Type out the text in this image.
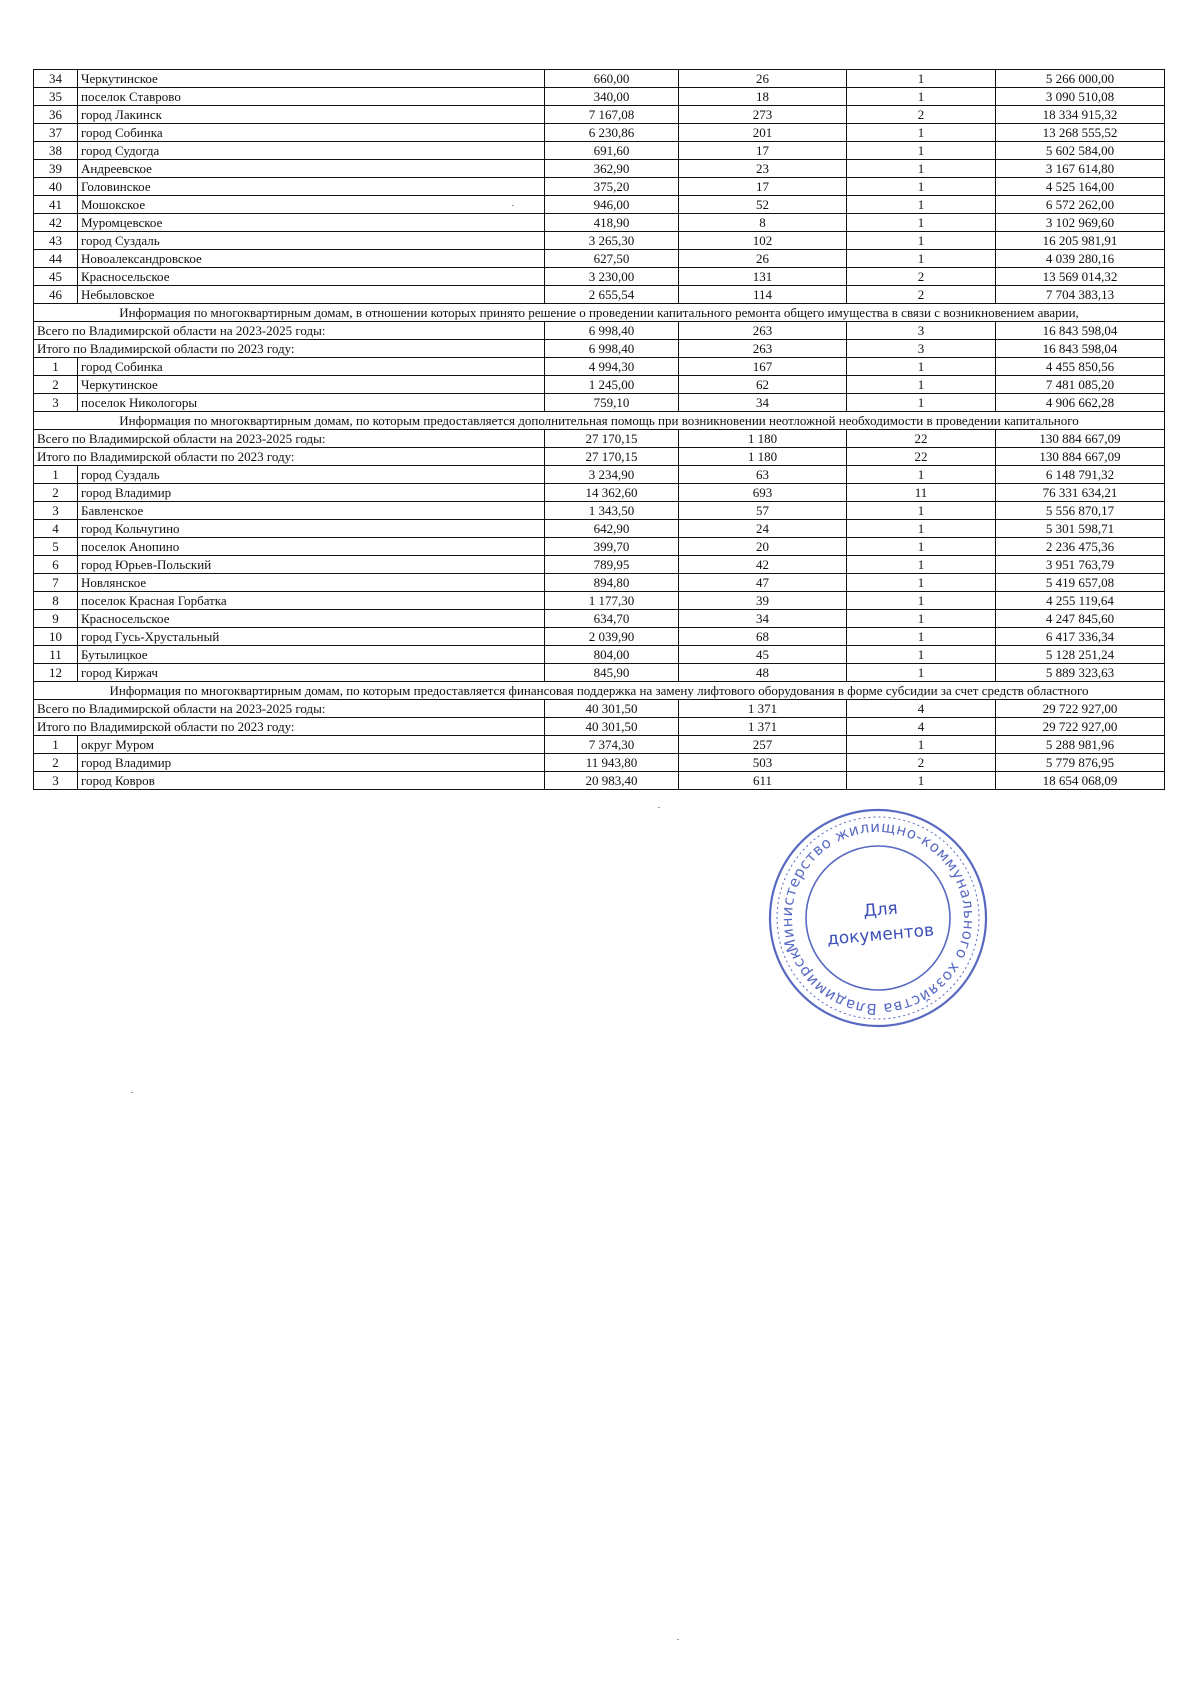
34	Черкутинское	660,00	26	1	5 266 000,00
35	поселок Ставрово	340,00	18	1	3 090 510,08
36	город Лакинск	7 167,08	273	2	18 334 915,32
37	город Собинка	6 230,86	201	1	13 268 555,52
38	город Судогда	691,60	17	1	5 602 584,00
39	Андреевское	362,90	23	1	3 167 614,80
40	Головинское	375,20	17	1	4 525 164,00
41	Мошокское	946,00	52	1	6 572 262,00
42	Муромцевское	418,90	8	1	3 102 969,60
43	город Суздаль	3 265,30	102	1	16 205 981,91
44	Новоалександровское	627,50	26	1	4 039 280,16
45	Красносельское	3 230,00	131	2	13 569 014,32
46	Небыловское	2 655,54	114	2	7 704 383,13
Информация по многоквартирным домам, в отношении которых принято решение о проведении капитального ремонта общего имущества в связи с возникновением аварии,					
Всего по Владимирской области на 2023-2025 годы:		6 998,40	263	3	16 843 598,04
Итого по Владимирской области по 2023 году:		6 998,40	263	3	16 843 598,04
1	город Собинка	4 994,30	167	1	4 455 850,56
2	Черкутинское	1 245,00	62	1	7 481 085,20
3	поселок Никологоры	759,10	34	1	4 906 662,28
Информация по многоквартирным домам, по которым предоставляется дополнительная помощь при возникновении неотложной необходимости в проведении капитального					
Всего по Владимирской области на 2023-2025 годы:		27 170,15	1 180	22	130 884 667,09
Итого по Владимирской области по 2023 году:		27 170,15	1 180	22	130 884 667,09
1	город Суздаль	3 234,90	63	1	6 148 791,32
2	город Владимир	14 362,60	693	11	76 331 634,21
3	Бавленское	1 343,50	57	1	5 556 870,17
4	город Кольчугино	642,90	24	1	5 301 598,71
5	поселок Анопино	399,70	20	1	2 236 475,36
6	город Юрьев-Польский	789,95	42	1	3 951 763,79
7	Новлянское	894,80	47	1	5 419 657,08
8	поселок Красная Горбатка	1 177,30	39	1	4 255 119,64
9	Красносельское	634,70	34	1	4 247 845,60
10	город Гусь-Хрустальный	2 039,90	68	1	6 417 336,34
11	Бутылицкое	804,00	45	1	5 128 251,24
12	город Киржач	845,90	48	1	5 889 323,63
Информация по многоквартирным домам, по которым предоставляется финансовая поддержка на замену лифтового оборудования в форме субсидии за счет средств областного					
Всего по Владимирской области на 2023-2025 годы:		40 301,50	1 371	4	29 722 927,00
Итого по Владимирской области по 2023 году:		40 301,50	1 371	4	29 722 927,00
1	округ Муром	7 374,30	257	1	5 288 981,96
2	город Владимир	11 943,80	503	2	5 779 876,95
3	город Ковров	20 983,40	611	1	18 654 068,09
Министерство жилищно-коммунального хозяйства Владимирской
Для
документов
